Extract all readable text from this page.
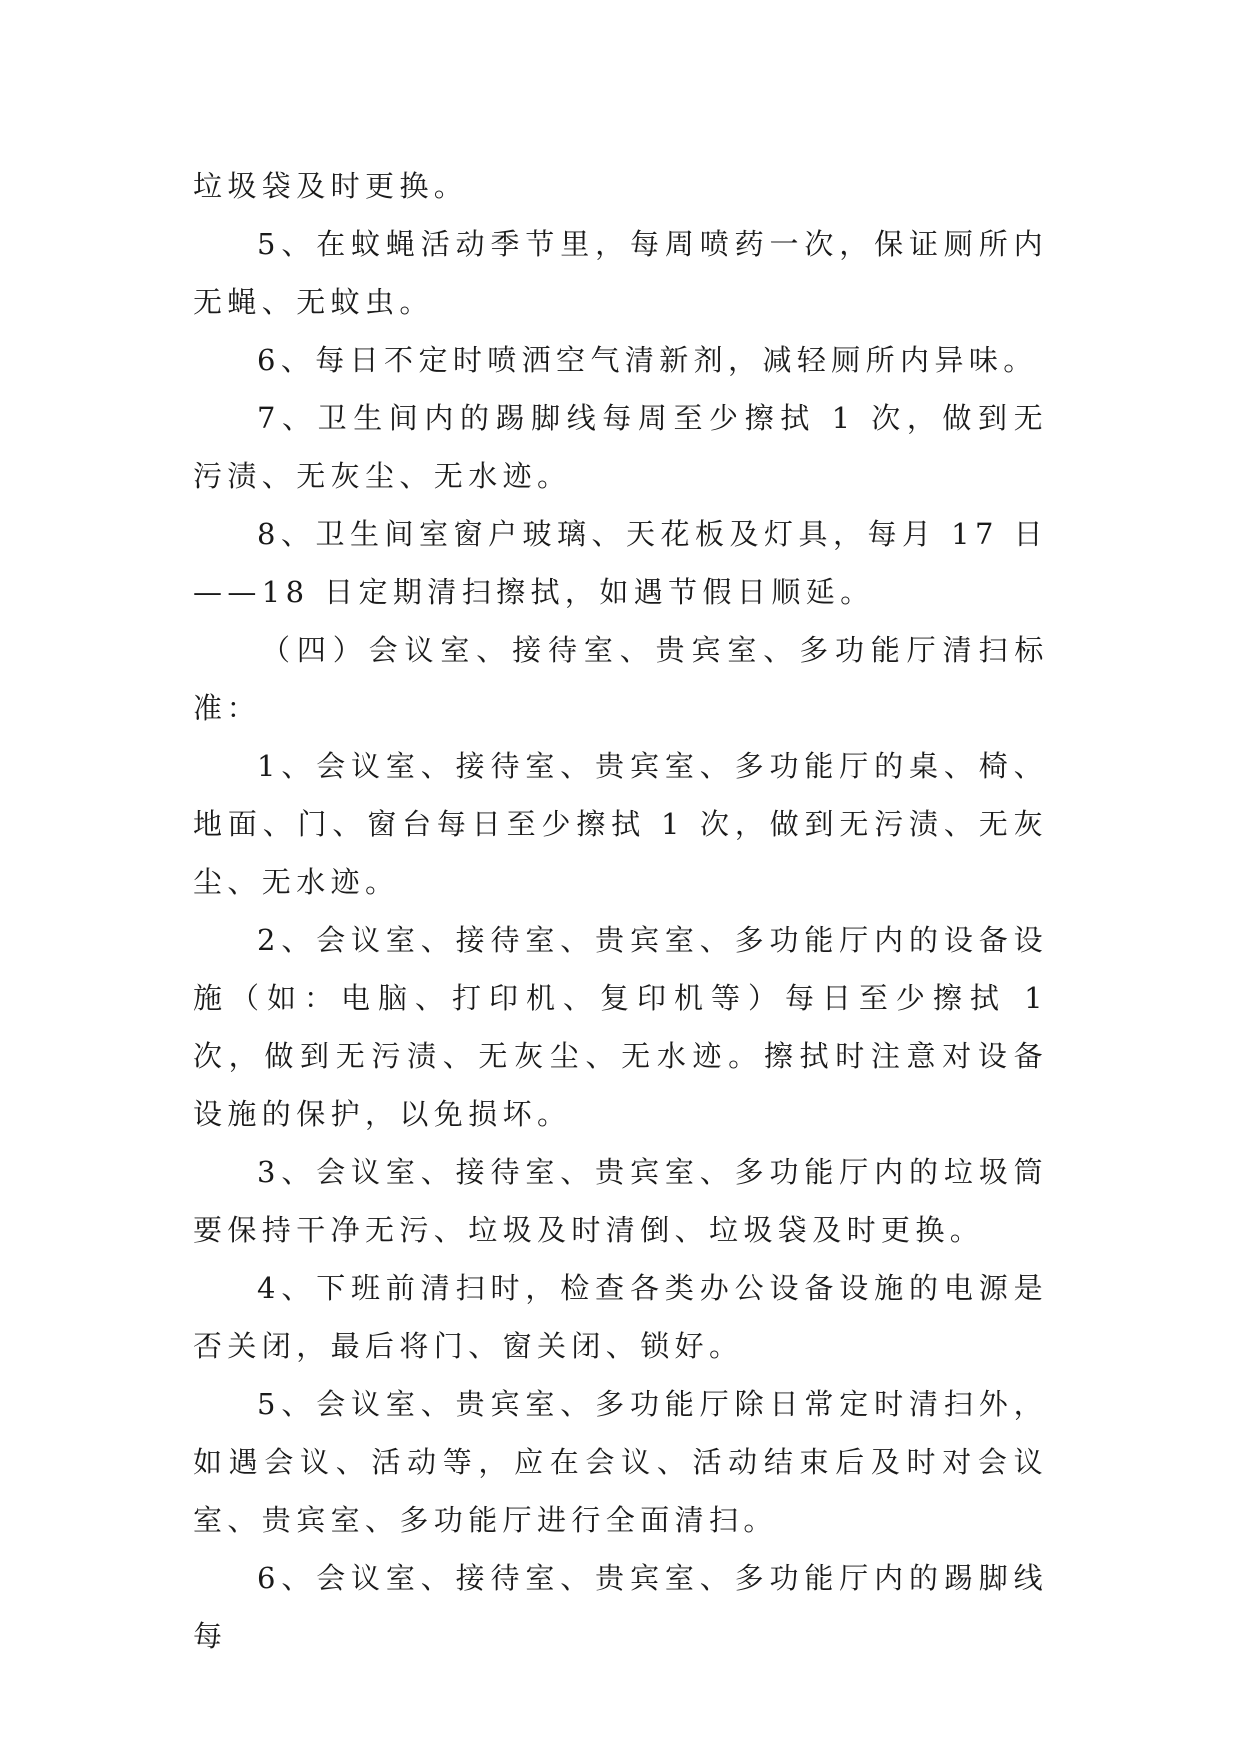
垃圾袋及时更换。

5、在蚊蝇活动季节里，每周喷药一次，保证厕所内无蝇、无蚊虫。

6、每日不定时喷洒空气清新剂，减轻厕所内异味。

7、卫生间内的踢脚线每周至少擦拭 1 次，做到无污渍、无灰尘、无水迹。

8、卫生间室窗户玻璃、天花板及灯具，每月 17 日——18 日定期清扫擦拭，如遇节假日顺延。

（四）会议室、接待室、贵宾室、多功能厅清扫标准：

1、会议室、接待室、贵宾室、多功能厅的桌、椅、地面、门、窗台每日至少擦拭 1 次，做到无污渍、无灰尘、无水迹。

2、会议室、接待室、贵宾室、多功能厅内的设备设施（如：电脑、打印机、复印机等）每日至少擦拭 1 次，做到无污渍、无灰尘、无水迹。擦拭时注意对设备设施的保护，以免损坏。

3、会议室、接待室、贵宾室、多功能厅内的垃圾筒要保持干净无污、垃圾及时清倒、垃圾袋及时更换。

4、下班前清扫时，检查各类办公设备设施的电源是否关闭，最后将门、窗关闭、锁好。

5、会议室、贵宾室、多功能厅除日常定时清扫外，如遇会议、活动等，应在会议、活动结束后及时对会议室、贵宾室、多功能厅进行全面清扫。

6、会议室、接待室、贵宾室、多功能厅内的踢脚线每
